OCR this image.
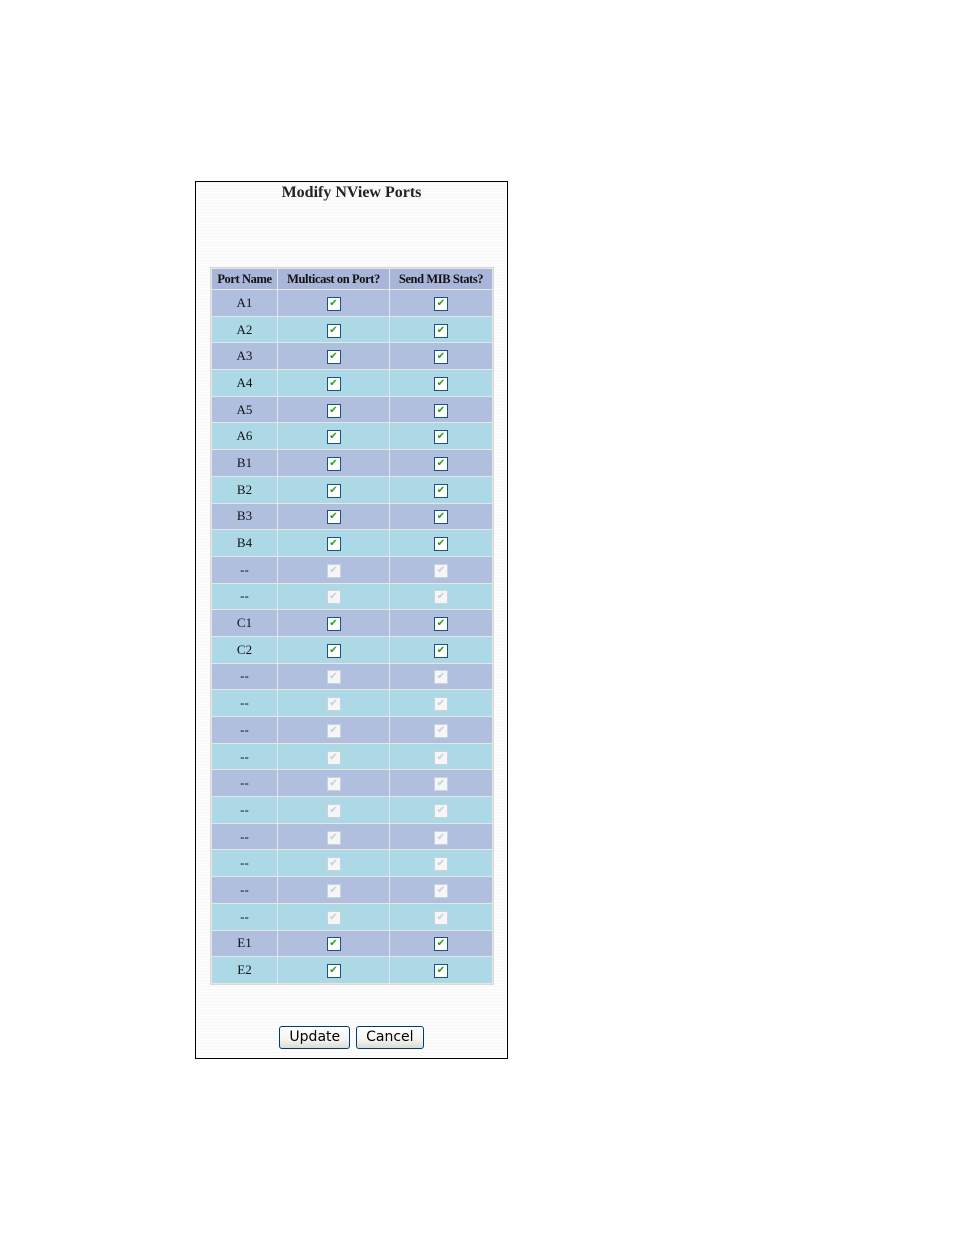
Modify NView Ports
Port Name	Multicast on Port?	Send MIB Stats?
A1	✔	✔
A2	✔	✔
A3	✔	✔
A4	✔	✔
A5	✔	✔
A6	✔	✔
B1	✔	✔
B2	✔	✔
B3	✔	✔
B4	✔	✔
--	✔	✔
--	✔	✔
C1	✔	✔
C2	✔	✔
--	✔	✔
--	✔	✔
--	✔	✔
--	✔	✔
--	✔	✔
--	✔	✔
--	✔	✔
--	✔	✔
--	✔	✔
--	✔	✔
E1	✔	✔
E2	✔	✔
Update Cancel
